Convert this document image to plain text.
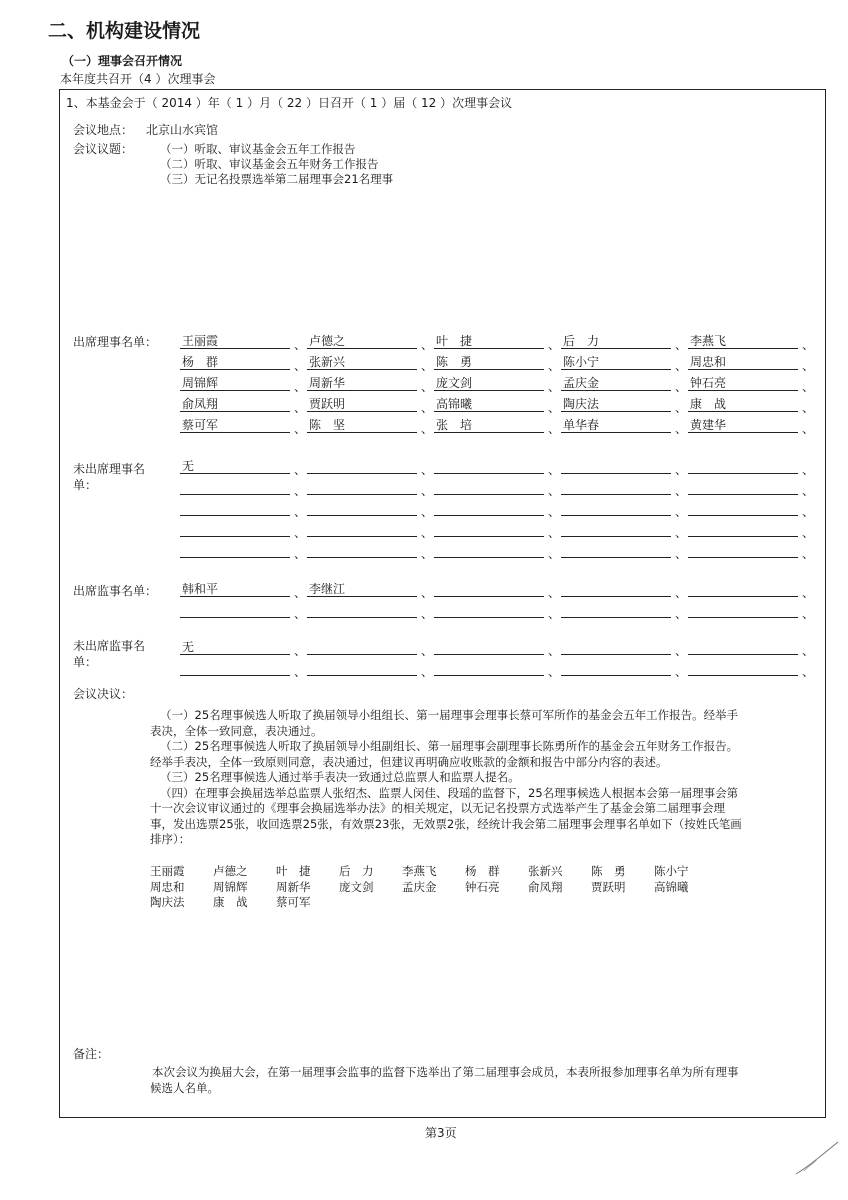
二、机构建设情况
（一）理事会召开情况
本年度共召开（4 ）次理事会
1、本基金会于（ 2014 ）年（ 1 ）月（ 22 ）日召开（ 1 ）届（ 12 ）次理事会议
会议地点： 北京山水宾馆
会议议题： （一）听取、审议基金会五年工作报告
（二）听取、审议基金会五年财务工作报告
（三）无记名投票选举第二届理事会21名理事
出席理事名单： 王丽霞	、 卢德之	、 叶　捷	、 后　力	、 李燕飞	、
杨　群	、 张新兴	、 陈　勇	、 陈小宁	、 周忠和	、
周锦辉	、 周新华	、 庞文剑	、 孟庆金	、 钟石亮	、
俞凤翔	、 贾跃明	、 高锦曦	、 陶庆法	、 康　战	、
蔡可军	、 陈　坚	、 张　培	、 单华春	、 黄建华	、
未出席理事名
单：
无	、	、	、	、	、
、	、	、	、	、
、	、	、	、	、
、	、	、	、	、
、	、	、	、	、
出席监事名单： 韩和平	、 李继江	、	、	、	、
、	、	、	、	、
未出席监事名
单：
无	、	、	、	、	、
、	、	、	、	、
会议决议：

（一）25名理事候选人听取了换届领导小组组长、第一届理事会理事长蔡可军所作的基金会五年工作报告。经举手表决，全体一致同意，表决通过。

（二）25名理事候选人听取了换届领导小组副组长、第一届理事会副理事长陈勇所作的基金会五年财务工作报告。经举手表决，全体一致原则同意，表决通过，但建议再明确应收账款的金额和报告中部分内容的表述。

（三）25名理事候选人通过举手表决一致通过总监票人和监票人提名。

（四）在理事会换届选举总监票人张绍杰、监票人闵佳、段瑶的监督下，25名理事候选人根据本会第一届理事会第十一次会议审议通过的《理事会换届选举办法》的相关规定，以无记名投票方式选举产生了基金会第二届理事会理事，发出选票25张，收回选票25张，有效票23张，无效票2张，经统计我会第二届理事会理事名单如下（按姓氏笔画排序）：

王丽霞 卢德之 叶　捷 后　力 李燕飞 杨　群 张新兴 陈　勇 陈小宁
周忠和 周锦辉 周新华 庞文剑 孟庆金 钟石亮 俞凤翔 贾跃明 高锦曦
陶庆法 康　战 蔡可军
备注：
本次会议为换届大会，在第一届理事会监事的监督下选举出了第二届理事会成员，本表所报参加理事名单为所有理事候选人名单。
第3页
